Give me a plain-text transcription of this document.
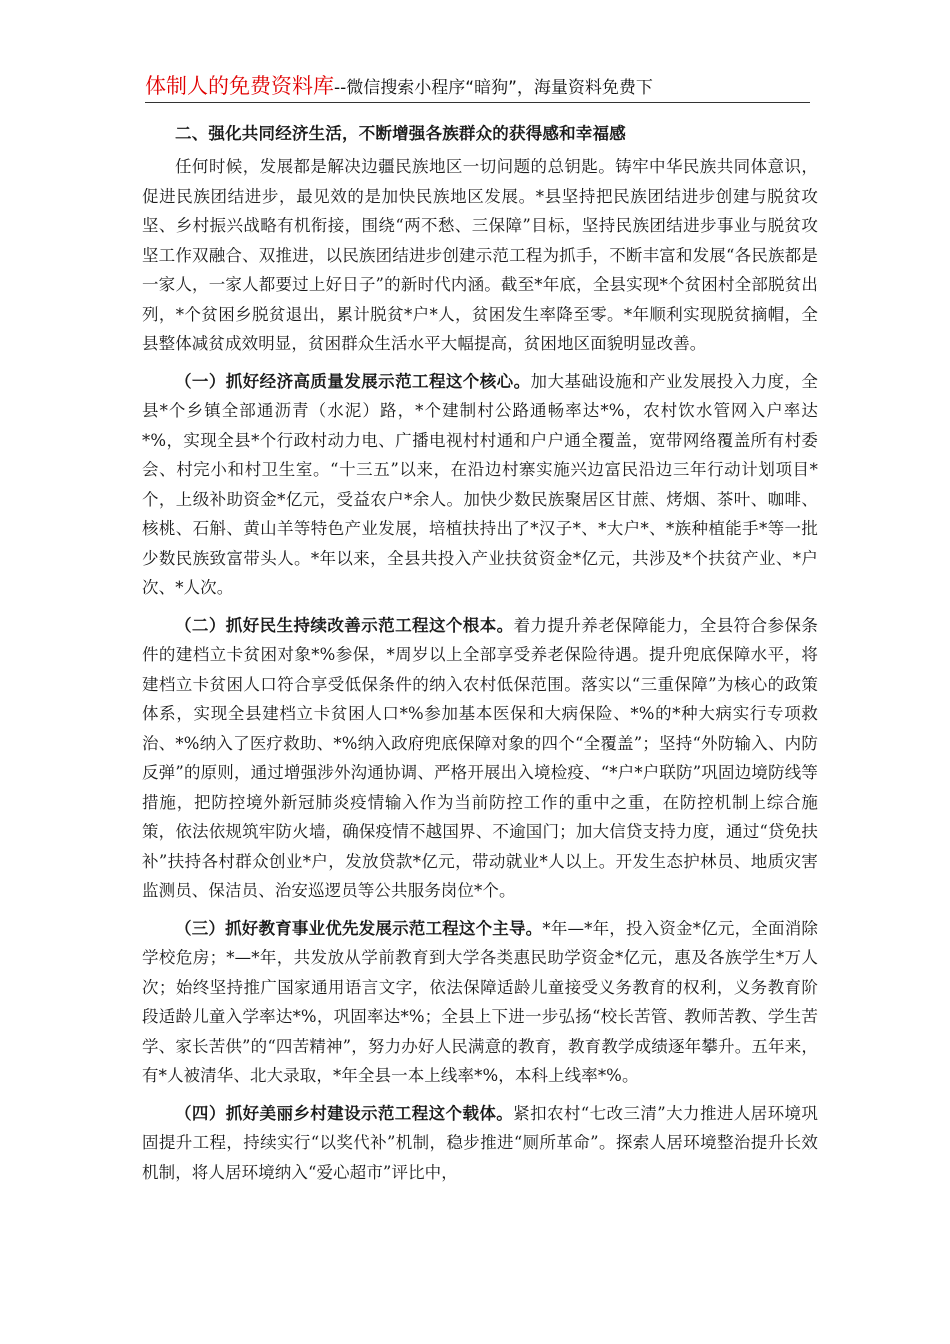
体制人的免费资料库--微信搜索小程序“暗狗”，海量资料免费下
二、强化共同经济生活，不断增强各族群众的获得感和幸福感

任何时候，发展都是解决边疆民族地区一切问题的总钥匙。铸牢中华民族共同体意识，促进民族团结进步，最见效的是加快民族地区发展。*县坚持把民族团结进步创建与脱贫攻坚、乡村振兴战略有机衔接，围绕“两不愁、三保障”目标，坚持民族团结进步事业与脱贫攻坚工作双融合、双推进，以民族团结进步创建示范工程为抓手，不断丰富和发展“各民族都是一家人，一家人都要过上好日子”的新时代内涵。截至*年底，全县实现*个贫困村全部脱贫出列，*个贫困乡脱贫退出，累计脱贫*户*人，贫困发生率降至零。*年顺利实现脱贫摘帽，全县整体减贫成效明显，贫困群众生活水平大幅提高，贫困地区面貌明显改善。

（一）抓好经济高质量发展示范工程这个核心。加大基础设施和产业发展投入力度，全县*个乡镇全部通沥青（水泥）路，*个建制村公路通畅率达*%，农村饮水管网入户率达*%，实现全县*个行政村动力电、广播电视村村通和户户通全覆盖，宽带网络覆盖所有村委会、村完小和村卫生室。“十三五”以来，在沿边村寨实施兴边富民沿边三年行动计划项目*个，上级补助资金*亿元，受益农户*余人。加快少数民族聚居区甘蔗、烤烟、茶叶、咖啡、核桃、石斛、黄山羊等特色产业发展，培植扶持出了*汉子*、*大户*、*族种植能手*等一批少数民族致富带头人。*年以来，全县共投入产业扶贫资金*亿元，共涉及*个扶贫产业、*户次、*人次。

（二）抓好民生持续改善示范工程这个根本。着力提升养老保障能力，全县符合参保条件的建档立卡贫困对象*%参保，*周岁以上全部享受养老保险待遇。提升兜底保障水平，将建档立卡贫困人口符合享受低保条件的纳入农村低保范围。落实以“三重保障”为核心的政策体系，实现全县建档立卡贫困人口*%参加基本医保和大病保险、*%的*种大病实行专项救治、*%纳入了医疗救助、*%纳入政府兜底保障对象的四个“全覆盖”；坚持“外防输入、内防反弹”的原则，通过增强涉外沟通协调、严格开展出入境检疫、“*户*户联防”巩固边境防线等措施，把防控境外新冠肺炎疫情输入作为当前防控工作的重中之重，在防控机制上综合施策，依法依规筑牢防火墙，确保疫情不越国界、不逾国门；加大信贷支持力度，通过“贷免扶补”扶持各村群众创业*户，发放贷款*亿元，带动就业*人以上。开发生态护林员、地质灾害监测员、保洁员、治安巡逻员等公共服务岗位*个。

（三）抓好教育事业优先发展示范工程这个主导。*年—*年，投入资金*亿元，全面消除学校危房；*—*年，共发放从学前教育到大学各类惠民助学资金*亿元，惠及各族学生*万人次；始终坚持推广国家通用语言文字，依法保障适龄儿童接受义务教育的权利，义务教育阶段适龄儿童入学率达*%，巩固率达*%；全县上下进一步弘扬“校长苦管、教师苦教、学生苦学、家长苦供”的“四苦精神”，努力办好人民满意的教育，教育教学成绩逐年攀升。五年来，有*人被清华、北大录取，*年全县一本上线率*%，本科上线率*%。

（四）抓好美丽乡村建设示范工程这个载体。紧扣农村“七改三清”大力推进人居环境巩固提升工程，持续实行“以奖代补”机制，稳步推进“厕所革命”。探索人居环境整治提升长效机制，将人居环境纳入“爱心超市”评比中，
